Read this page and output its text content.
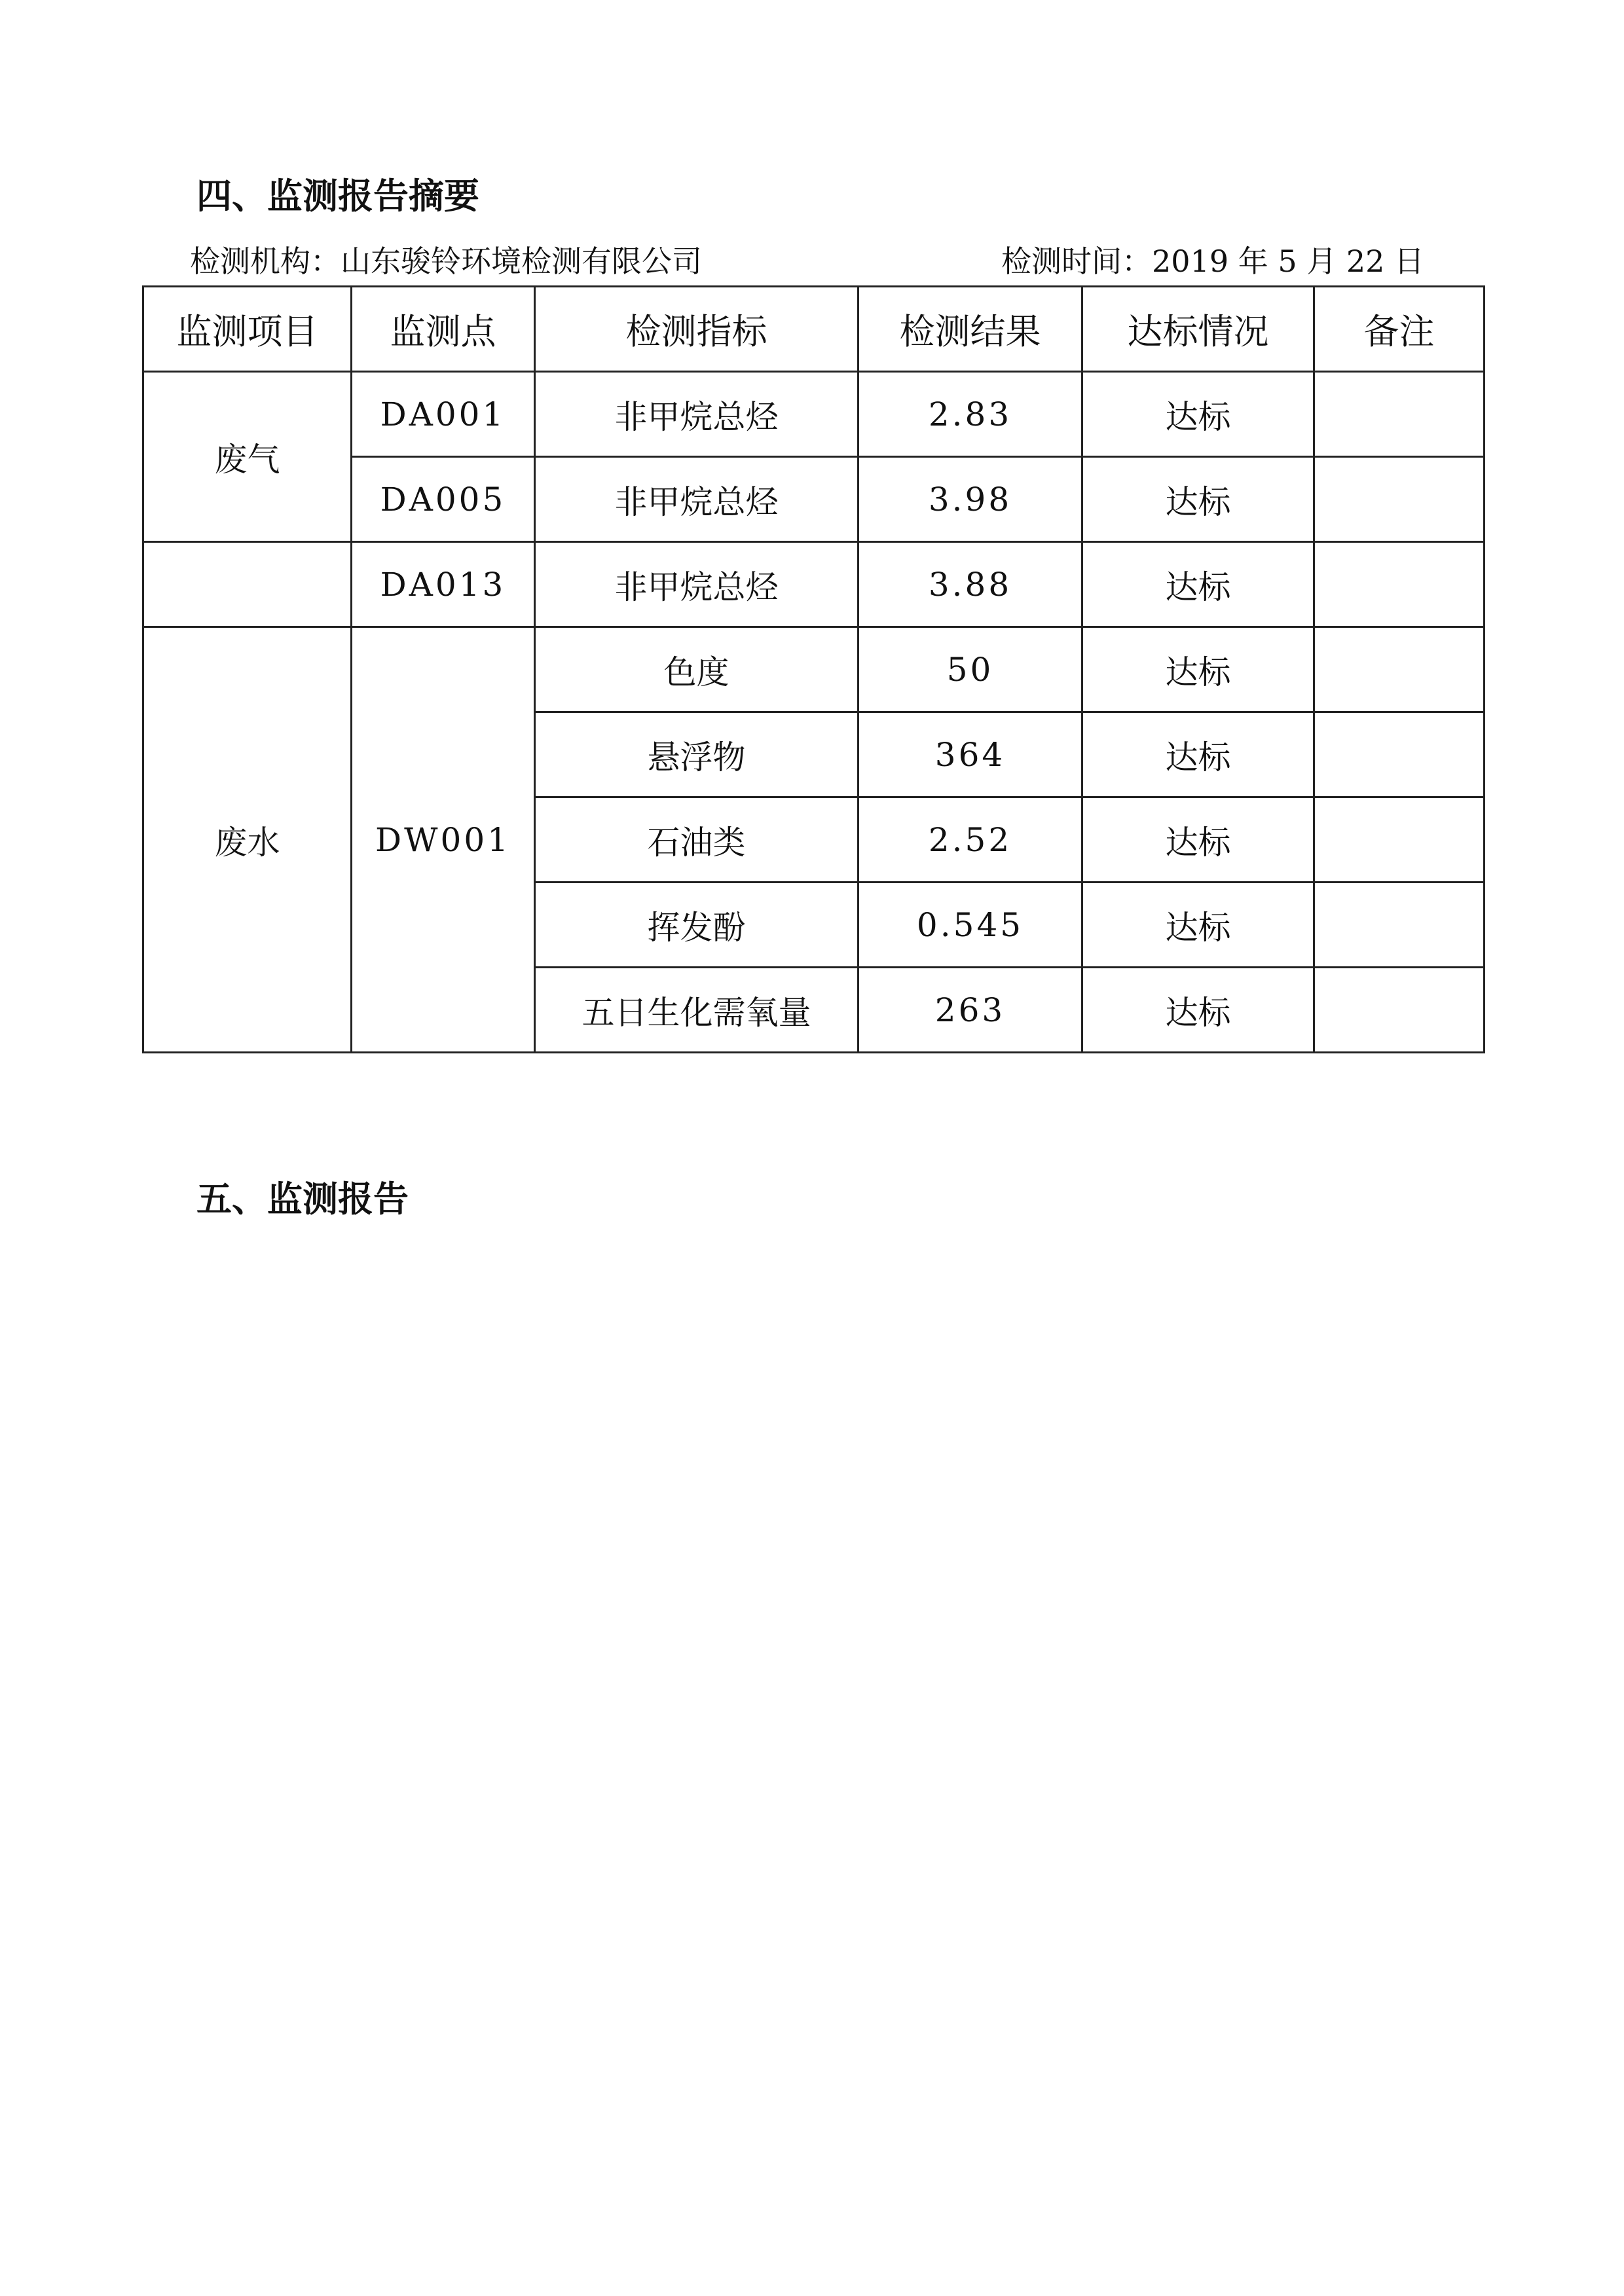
四、监测报告摘要
检测机构：山东骏铃环境检测有限公司	检测时间：2019 年 5 月 22 日
监测项目	监测点	检测指标	检测结果	达标情况	备注
废气	DA001	非甲烷总烃	2.83	达标	
	DA005	非甲烷总烃	3.98	达标	
	DA013	非甲烷总烃	3.88	达标	
废水	DW001	色度	50	达标	
		悬浮物	364	达标	
		石油类	2.52	达标	
		挥发酚	0.545	达标	
		五日生化需氧量	263	达标	
五、监测报告
